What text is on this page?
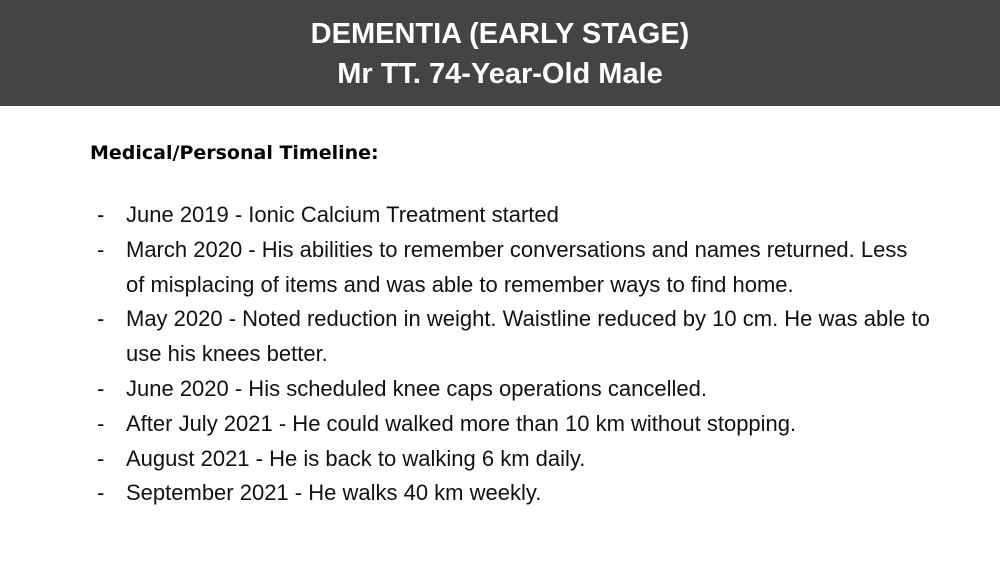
DEMENTIA (EARLY STAGE)
Mr TT. 74-Year-Old Male
Medical/Personal Timeline:
- June 2019 - Ionic Calcium Treatment started
- March 2020 - His abilities to remember conversations and names returned. Less of misplacing of items and was able to remember ways to find home.
- May 2020 - Noted reduction in weight. Waistline reduced by 10 cm. He was able to use his knees better.
- June 2020 - His scheduled knee caps operations cancelled.
- After July 2021 - He could walked more than 10 km without stopping.
- August 2021 - He is back to walking 6 km daily.
- September 2021 - He walks 40 km weekly.
